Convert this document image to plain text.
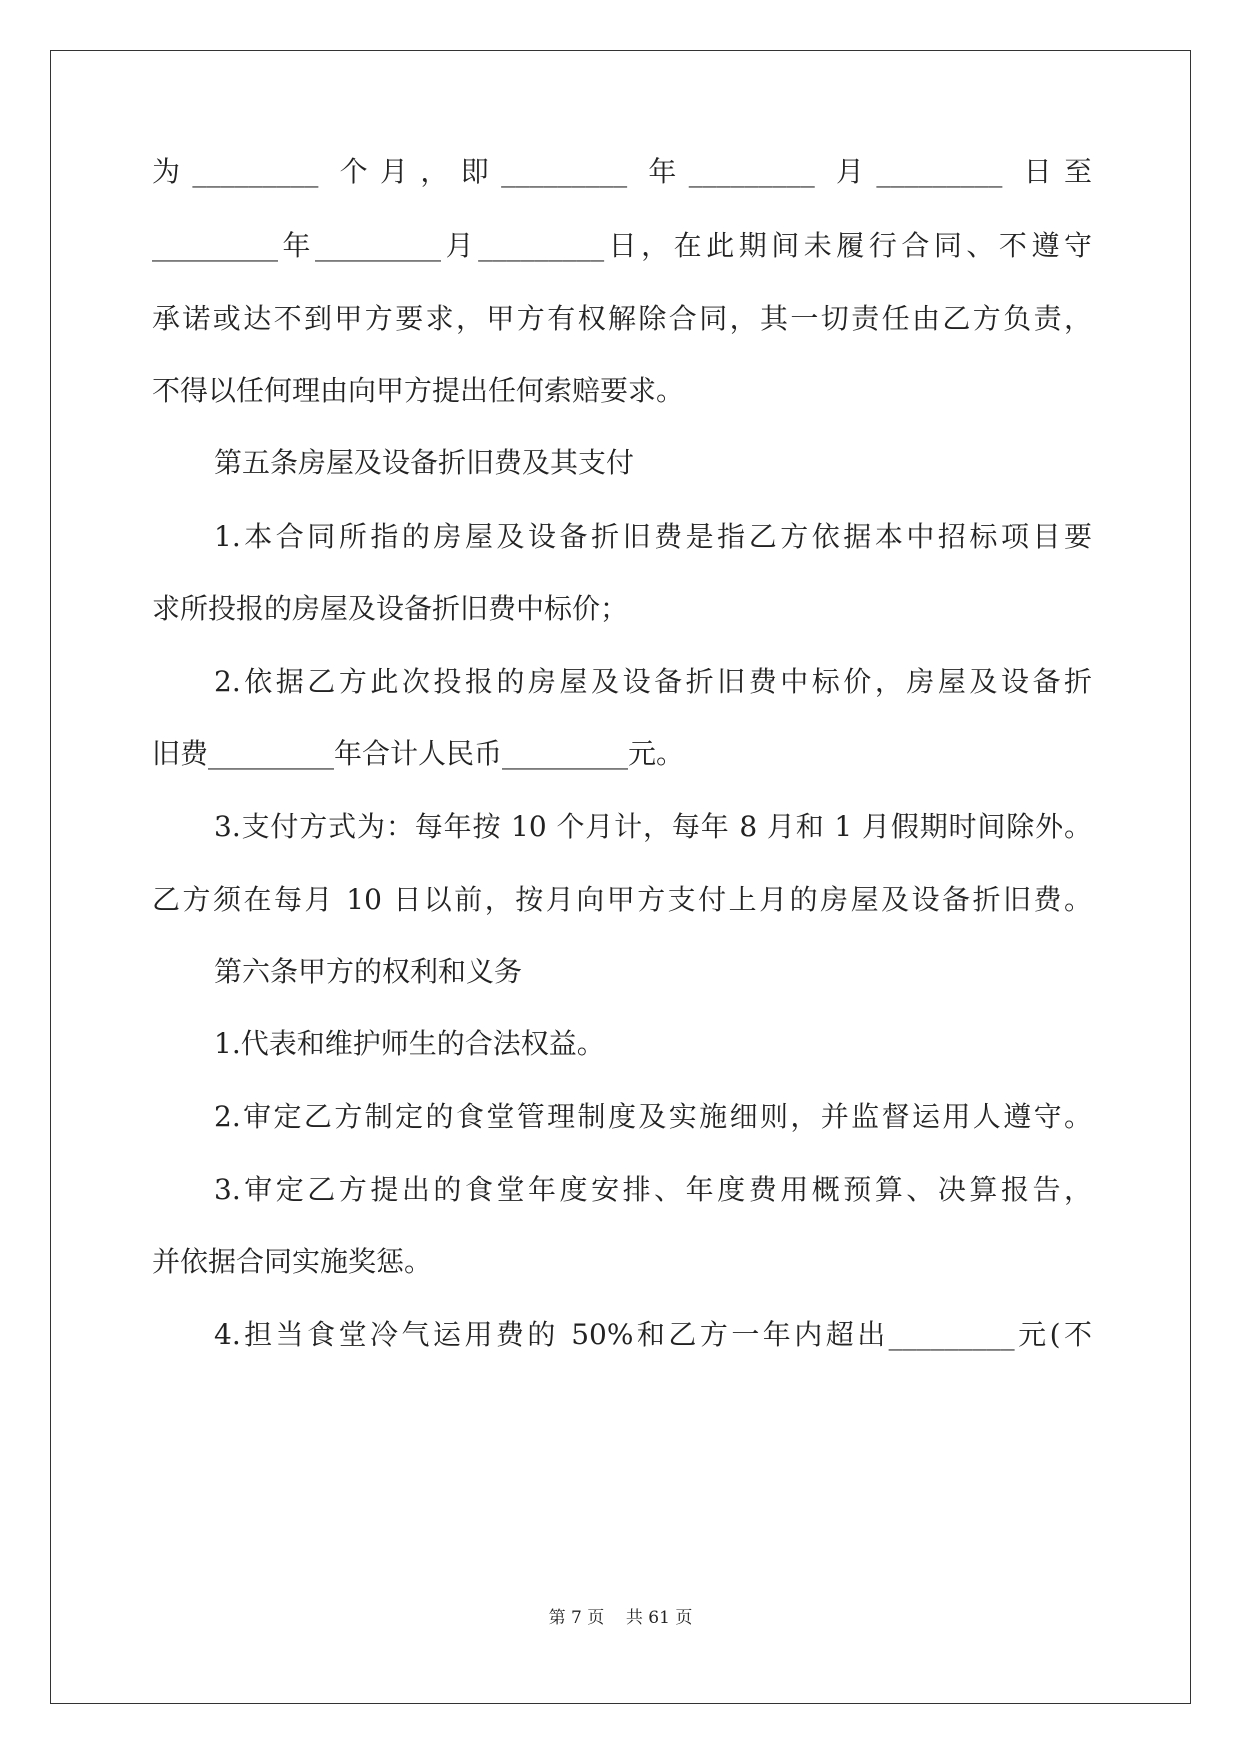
为_________ 个月，即_________ 年_________ 月_________ 日至
_________年_________月_________日，在此期间未履行合同、不遵守
承诺或达不到甲方要求，甲方有权解除合同，其一切责任由乙方负责，
不得以任何理由向甲方提出任何索赔要求。
第五条房屋及设备折旧费及其支付
1.本合同所指的房屋及设备折旧费是指乙方依据本中招标项目要
求所投报的房屋及设备折旧费中标价；
2.依据乙方此次投报的房屋及设备折旧费中标价，房屋及设备折
旧费_________年合计人民币_________元。
3.支付方式为：每年按 10 个月计，每年 8 月和 1 月假期时间除外。
乙方须在每月 10 日以前，按月向甲方支付上月的房屋及设备折旧费。
第六条甲方的权利和义务
1.代表和维护师生的合法权益。
2.审定乙方制定的食堂管理制度及实施细则，并监督运用人遵守。
3.审定乙方提出的食堂年度安排、年度费用概预算、决算报告，
并依据合同实施奖惩。
4.担当食堂冷气运用费的 50%和乙方一年内超出_________元(不
第 7 页    共 61 页
